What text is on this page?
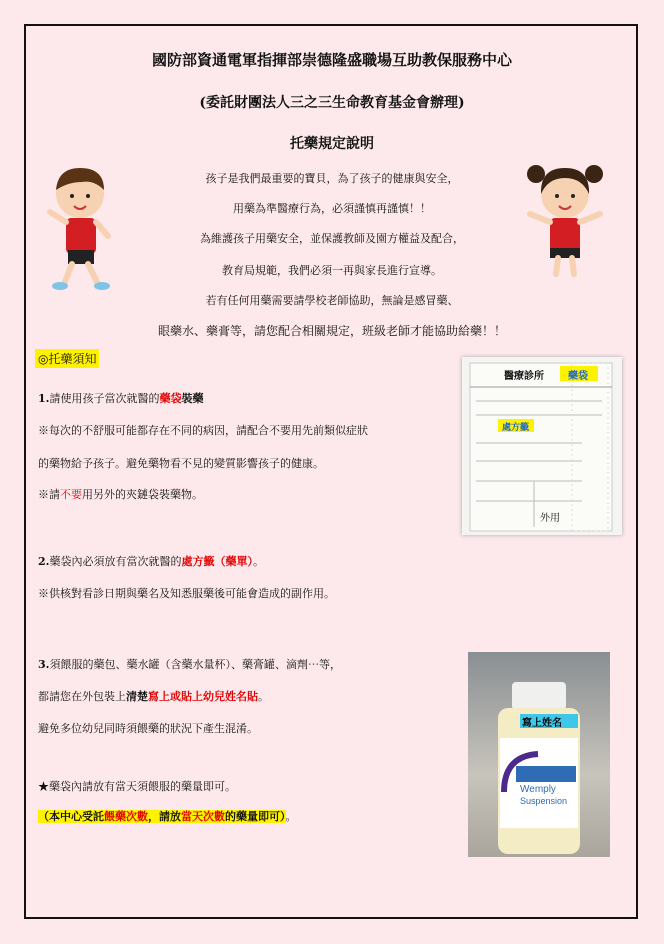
國防部資通電軍指揮部崇德隆盛職場互助教保服務中心
(委託財團法人三之三生命教育基金會辦理)
托藥規定說明
孩子是我們最重要的寶貝，為了孩子的健康與安全，
用藥為準醫療行為，必須謹慎再謹慎！！
為維護孩子用藥安全，並保護教師及園方權益及配合，
教育局規範，我們必須一再與家長進行宣導。
若有任何用藥需要請學校老師協助，無論是感冒藥、
眼藥水、藥膏等，請您配合相關規定，班級老師才能協助給藥！！
◎托藥須知
1.請使用孩子當次就醫的藥袋裝藥
※每次的不舒服可能都存在不同的病因，請配合不要用先前類似症狀
的藥物給予孩子。避免藥物看不見的變質影響孩子的健康。
※請不要用另外的夾鏈袋裝藥物。
2.藥袋內必須放有當次就醫的處方籤（藥單）。
※供核對看診日期與藥名及知悉服藥後可能會造成的副作用。
3.須餵服的藥包、藥水罐（含藥水量杯）、藥膏罐、滴劑⋯等，
都請您在外包裝上清楚寫上或貼上幼兒姓名貼。
避免多位幼兒同時須餵藥的狀況下產生混淆。
★藥袋內請放有當天須餵服的藥量即可。
（本中心受託餵藥次數，請放當天次數的藥量即可）。
醫療診所 藥袋
處方籤
外用
寫上姓名
Wemply
Suspension
